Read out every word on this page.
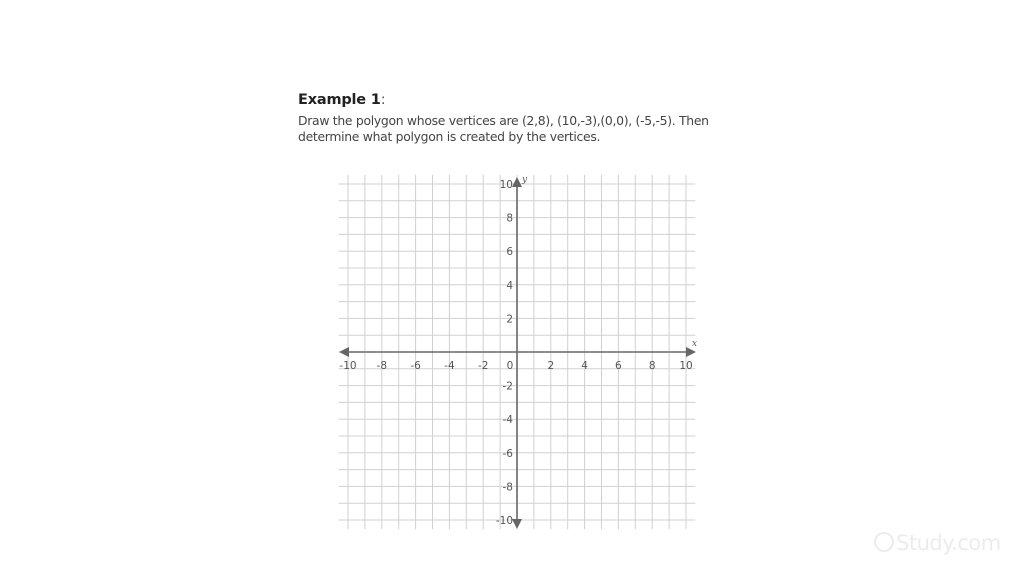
Example 1:
Draw the polygon whose vertices are (2,8), (10,-3),(0,0), (-5,-5). Then determine what polygon is created by the vertices.
x
y
-10 -8 -6 -4 -2 0	2	4	6	8 10
10
8
6
4
2
-2
-4
-6
-8
-10
Study.com
